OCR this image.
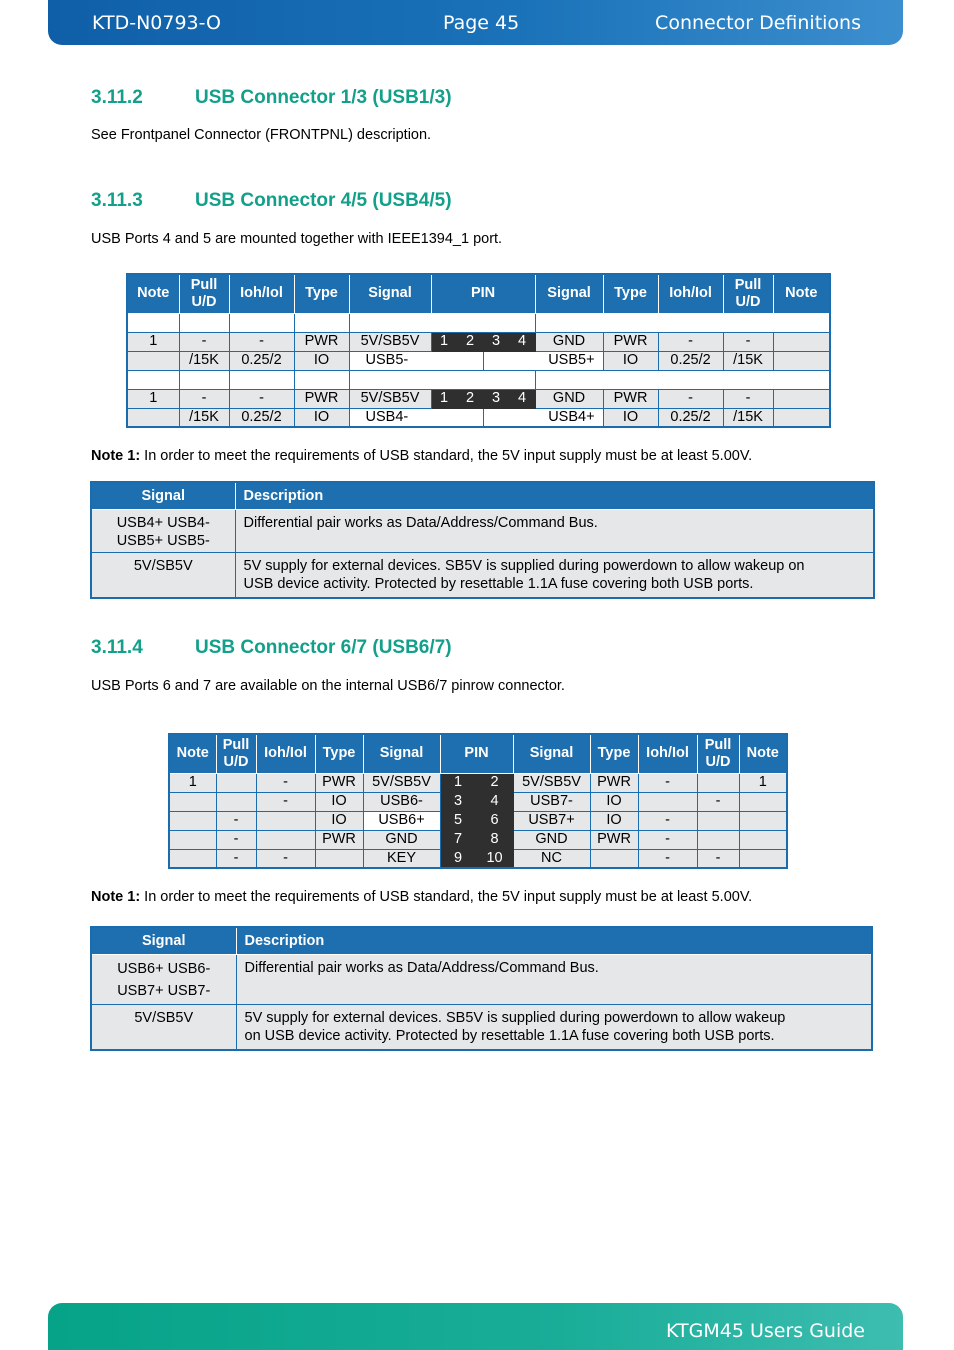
KTD-N0793-O	Page 45	Connector Definitions
3.11.2	USB Connector 1/3 (USB1/3)
See Frontpanel Connector (FRONTPNL) description.
3.11.3	USB Connector 4/5 (USB4/5)
USB Ports 4 and 5 are mounted together with IEEE1394_1 port.
Note	Pull U/D	Ioh/Iol	Type	Signal	PIN				Signal	Type	Ioh/Iol	Pull U/D	Note

1	-	-	PWR	5V/SB5V	1	2	3	4	GND	PWR	-	-	
	/15K	0.25/2	IO	USB5-			USB5+			IO	0.25/2	/15K	

1	-	-	PWR	5V/SB5V	1	2	3	4	GND	PWR	-	-	
	/15K	0.25/2	IO	USB4-			USB4+			IO	0.25/2	/15K	
Note 1: In order to meet the requirements of USB standard, the 5V input supply must be at least 5.00V.
Signal	Description

USB4+ USB4-
USB5+ USB5-	Differential pair works as Data/Address/Command Bus.

5V/SB5V	5V supply for external devices. SB5V is supplied during powerdown to allow wakeup on
USB device activity. Protected by resettable 1.1A fuse covering both USB ports.
3.11.4	USB Connector 6/7 (USB6/7)
USB Ports 6 and 7 are available on the internal USB6/7 pinrow connector.
Note	Pull U/D	Ioh/Iol	Type	Signal	PIN		Signal	Type	Ioh/Iol	Pull U/D	Note
1		-	PWR	5V/SB5V	1	2	5V/SB5V	PWR	-		1
		-	IO	USB6-	3	4	USB7-	IO		-	
	-		IO	USB6+	5	6	USB7+	IO	-		
	-		PWR	GND	7	8	GND	PWR	-		
	-	-		KEY	9	10	NC		-	-	
Note 1: In order to meet the requirements of USB standard, the 5V input supply must be at least 5.00V.
Signal	Description

USB6+ USB6-
USB7+ USB7-	Differential pair works as Data/Address/Command Bus.

5V/SB5V	5V supply for external devices. SB5V is supplied during powerdown to allow wakeup
on USB device activity. Protected by resettable 1.1A fuse covering both USB ports.
KTGM45 Users Guide
